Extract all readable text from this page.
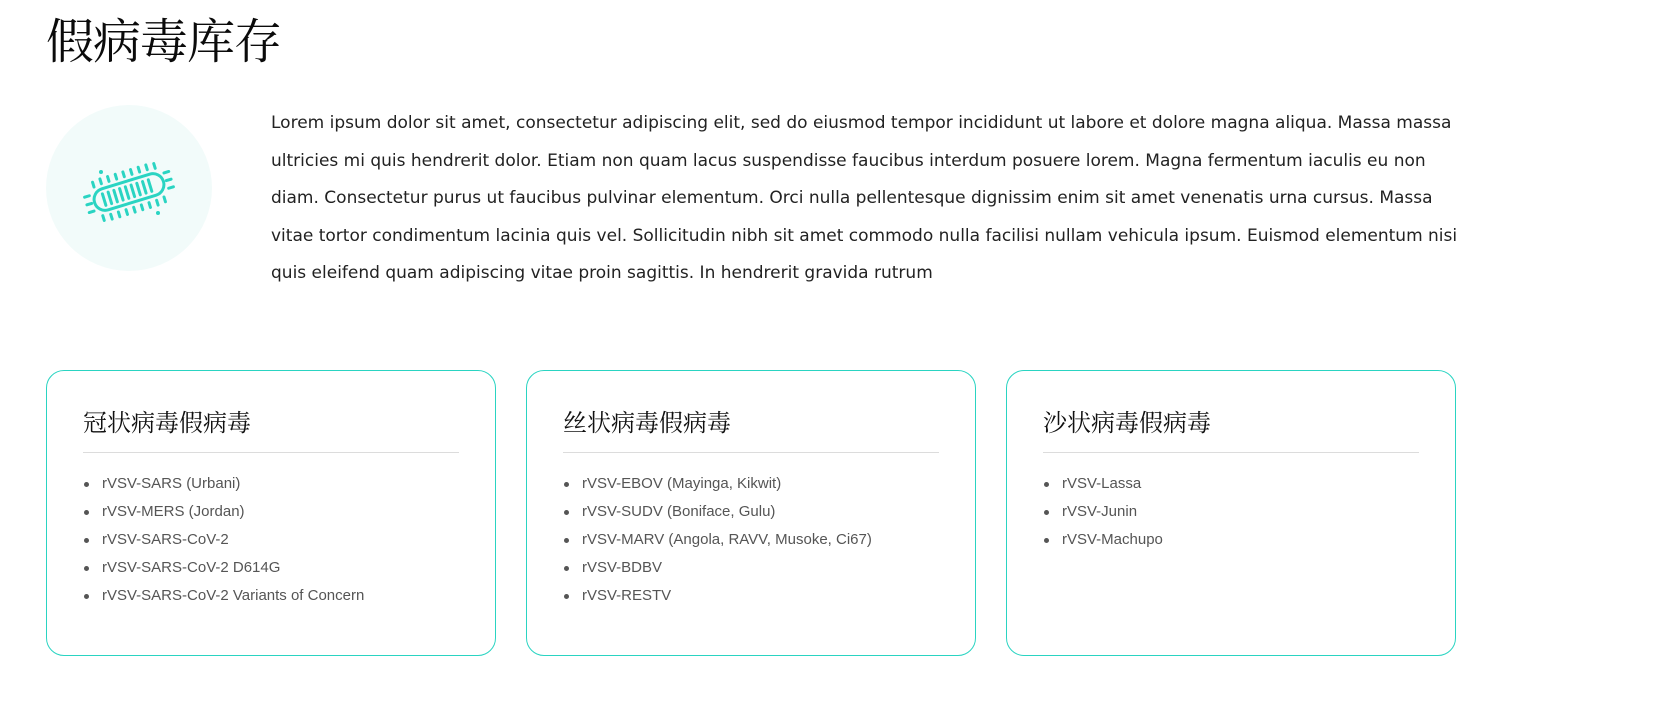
假病毒库存

Lorem ipsum dolor sit amet, consectetur adipiscing elit, sed do eiusmod tempor incididunt ut labore et dolore magna aliqua. Massa massa ultricies mi quis hendrerit dolor. Etiam non quam lacus suspendisse faucibus interdum posuere lorem. Magna fermentum iaculis eu non diam. Consectetur purus ut faucibus pulvinar elementum. Orci nulla pellentesque dignissim enim sit amet venenatis urna cursus. Massa vitae tortor condimentum lacinia quis vel. Sollicitudin nibh sit amet commodo nulla facilisi nullam vehicula ipsum. Euismod elementum nisi quis eleifend quam adipiscing vitae proin sagittis. In hendrerit gravida rutrum

冠状病毒假病毒
rVSV-SARS (Urbani)
rVSV-MERS (Jordan)
rVSV-SARS-CoV-2
rVSV-SARS-CoV-2 D614G
rVSV-SARS-CoV-2 Variants of Concern
丝状病毒假病毒
rVSV-EBOV (Mayinga, Kikwit)
rVSV-SUDV (Boniface, Gulu)
rVSV-MARV (Angola, RAVV, Musoke, Ci67)
rVSV-BDBV
rVSV-RESTV
沙状病毒假病毒
rVSV-Lassa
rVSV-Junin
rVSV-Machupo
